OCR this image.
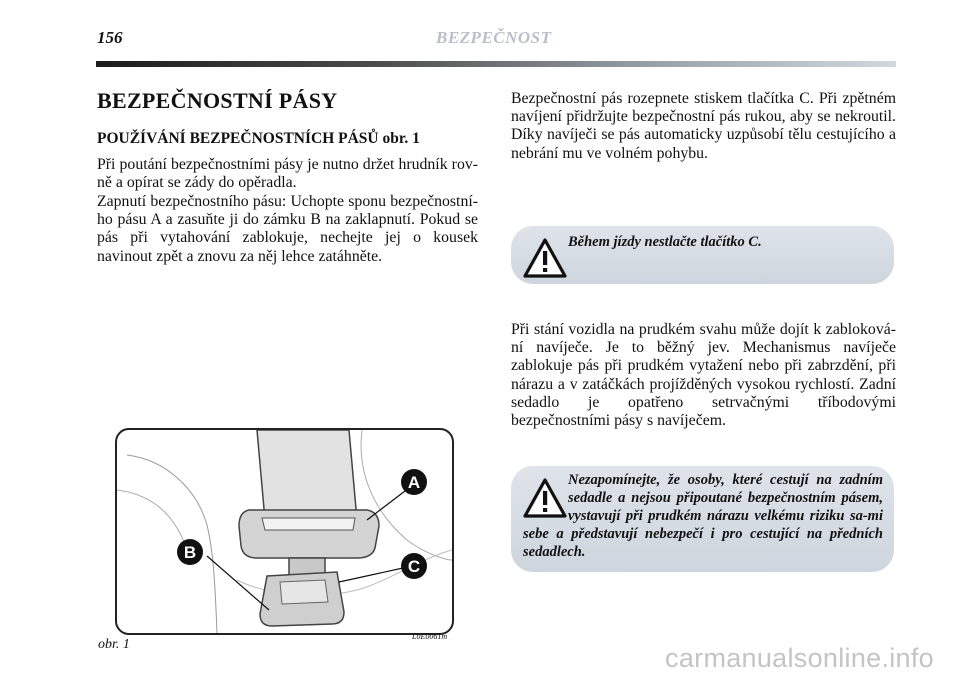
156	BEZPEČNOST
BEZPEČNOSTNÍ PÁSY
POUŽÍVÁNÍ BEZPEČNOSTNÍCH PÁSŮ obr. 1

Při poutání bezpečnostními pásy je nutno držet hrudník rov-ně a opírat se zády do opěradla.

Zapnutí bezpečnostního pásu: Uchopte sponu bezpečnostní-ho pásu A a zasuňte ji do zámku B na zaklapnutí. Pokud se pás při vytahování zablokuje, nechejte jej o kousek navinout zpět a znovu za něj lehce zatáhněte.

Bezpečnostní pás rozepnete stiskem tlačítka C. Při zpětném navíjení přidržujte bezpečnostní pás rukou, aby se nekroutil. Díky navíječi se pás automaticky uzpůsobí tělu cestujícího a nebrání mu ve volném pohybu.

Během jízdy nestlačte tlačítko C.

Při stání vozidla na prudkém svahu může dojít k zabloková-ní navíječe. Je to běžný jev. Mechanismus navíječe zablokuje pás při prudkém vytažení nebo při zabrzdění, při nárazu a v zatáčkách projížděných vysokou rychlostí. Zadní sedadlo je opatřeno setrvačnými tříbodovými bezpečnostními pásy s navíječem.

Nezapomínejte, že osoby, které cestují na zadním sedadle a nejsou připoutané bezpečnostním pásem, vystavují při prudkém nárazu velkému riziku sa-mi sebe a představují nebezpečí i pro cestující na předních sedadlech.

A
B
C
L0E0061m
obr. 1	carmanualsonline.info
